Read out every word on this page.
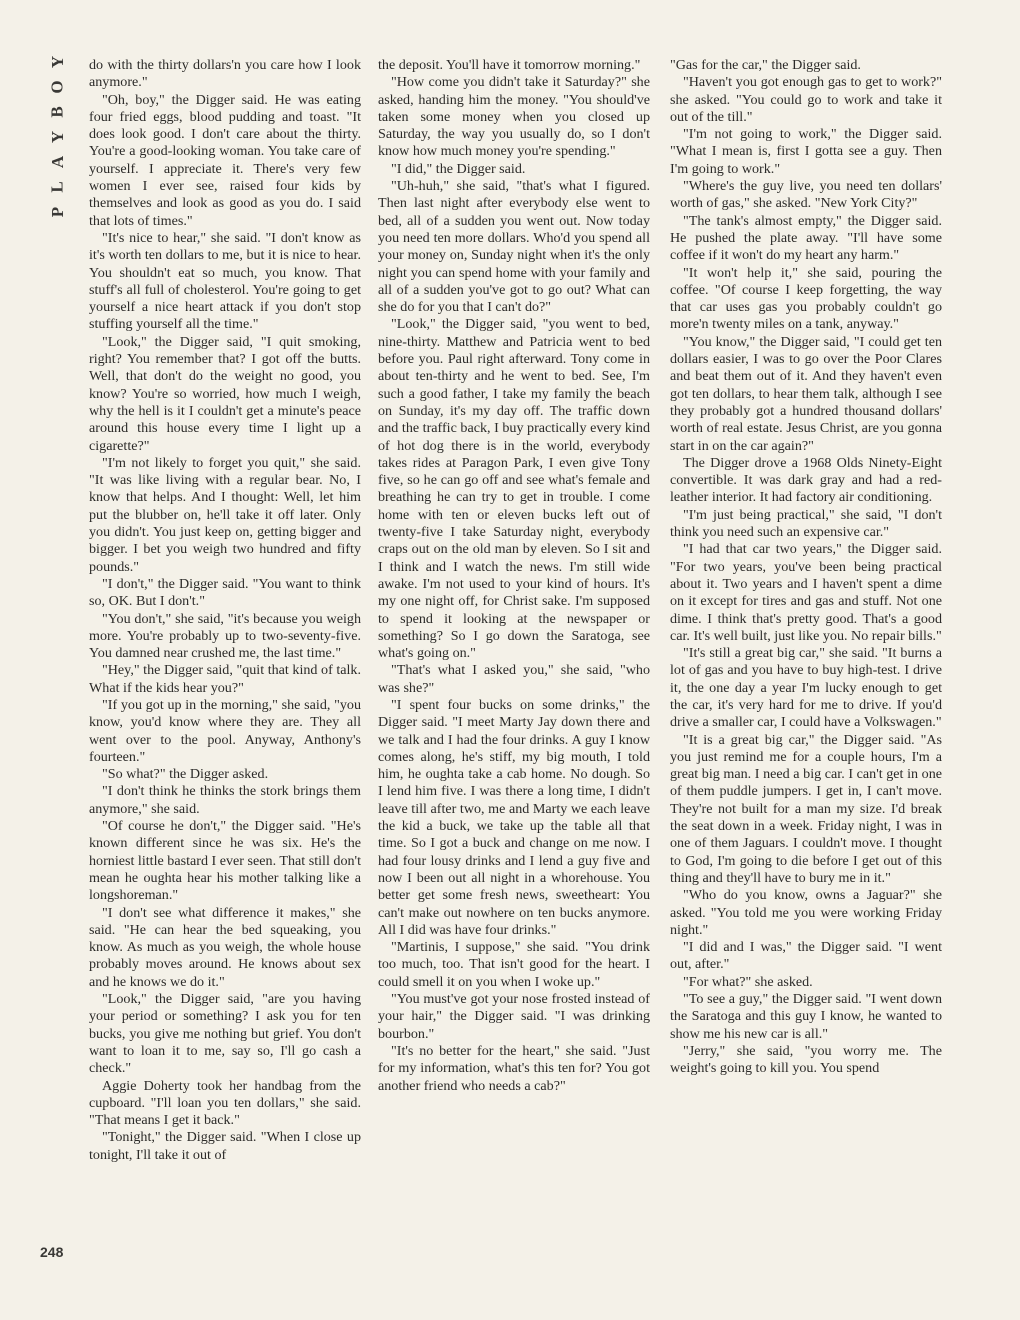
Y
O
B
Y
A
L
P

do with the thirty dollars'n you care how I look anymore."

"Oh, boy," the Digger said. He was eating four fried eggs, blood pudding and toast. "It does look good. I don't care about the thirty. You're a good-looking woman. You take care of yourself. I appreciate it. There's very few women I ever see, raised four kids by themselves and look as good as you do. I said that lots of times."

"It's nice to hear," she said. "I don't know as it's worth ten dollars to me, but it is nice to hear. You shouldn't eat so much, you know. That stuff's all full of cholesterol. You're going to get yourself a nice heart attack if you don't stop stuffing yourself all the time."

"Look," the Digger said, "I quit smoking, right? You remember that? I got off the butts. Well, that don't do the weight no good, you know? You're so worried, how much I weigh, why the hell is it I couldn't get a minute's peace around this house every time I light up a cigarette?"

"I'm not likely to forget you quit," she said. "It was like living with a regular bear. No, I know that helps. And I thought: Well, let him put the blubber on, he'll take it off later. Only you didn't. You just keep on, getting bigger and bigger. I bet you weigh two hundred and fifty pounds."

"I don't," the Digger said. "You want to think so, OK. But I don't."

"You don't," she said, "it's because you weigh more. You're probably up to two-seventy-five. You damned near crushed me, the last time."

"Hey," the Digger said, "quit that kind of talk. What if the kids hear you?"

"If you got up in the morning," she said, "you know, you'd know where they are. They all went over to the pool. Anyway, Anthony's fourteen."

"So what?" the Digger asked.

"I don't think he thinks the stork brings them anymore," she said.

"Of course he don't," the Digger said. "He's known different since he was six. He's the horniest little bastard I ever seen. That still don't mean he oughta hear his mother talking like a longshoreman."

"I don't see what difference it makes," she said. "He can hear the bed squeaking, you know. As much as you weigh, the whole house probably moves around. He knows about sex and he knows we do it."

"Look," the Digger said, "are you having your period or something? I ask you for ten bucks, you give me nothing but grief. You don't want to loan it to me, say so, I'll go cash a check."

Aggie Doherty took her handbag from the cupboard. "I'll loan you ten dollars," she said. "That means I get it back."

"Tonight," the Digger said. "When I close up tonight, I'll take it out of

the deposit. You'll have it tomorrow morning."

"How come you didn't take it Saturday?" she asked, handing him the money. "You should've taken some money when you closed up Saturday, the way you usually do, so I don't know how much money you're spending."

"I did," the Digger said.

"Uh-huh," she said, "that's what I figured. Then last night after everybody else went to bed, all of a sudden you went out. Now today you need ten more dollars. Who'd you spend all your money on, Sunday night when it's the only night you can spend home with your family and all of a sudden you've got to go out? What can she do for you that I can't do?"

"Look," the Digger said, "you went to bed, nine-thirty. Matthew and Patricia went to bed before you. Paul right afterward. Tony come in about ten-thirty and he went to bed. See, I'm such a good father, I take my family the beach on Sunday, it's my day off. The traffic down and the traffic back, I buy practically every kind of hot dog there is in the world, everybody takes rides at Paragon Park, I even give Tony five, so he can go off and see what's female and breathing he can try to get in trouble. I come home with ten or eleven bucks left out of twenty-five I take Saturday night, everybody craps out on the old man by eleven. So I sit and I think and I watch the news. I'm still wide awake. I'm not used to your kind of hours. It's my one night off, for Christ sake. I'm supposed to spend it looking at the newspaper or something? So I go down the Saratoga, see what's going on."

"That's what I asked you," she said, "who was she?"

"I spent four bucks on some drinks," the Digger said. "I meet Marty Jay down there and we talk and I had the four drinks. A guy I know comes along, he's stiff, my big mouth, I told him, he oughta take a cab home. No dough. So I lend him five. I was there a long time, I didn't leave till after two, me and Marty we each leave the kid a buck, we take up the table all that time. So I got a buck and change on me now. I had four lousy drinks and I lend a guy five and now I been out all night in a whorehouse. You better get some fresh news, sweetheart: You can't make out nowhere on ten bucks anymore. All I did was have four drinks."

"Martinis, I suppose," she said. "You drink too much, too. That isn't good for the heart. I could smell it on you when I woke up."

"You must've got your nose frosted instead of your hair," the Digger said. "I was drinking bourbon."

"It's no better for the heart," she said. "Just for my information, what's this ten for? You got another friend who needs a cab?"

"Gas for the car," the Digger said.

"Haven't you got enough gas to get to work?" she asked. "You could go to work and take it out of the till."

"I'm not going to work," the Digger said. "What I mean is, first I gotta see a guy. Then I'm going to work."

"Where's the guy live, you need ten dollars' worth of gas," she asked. "New York City?"

"The tank's almost empty," the Digger said. He pushed the plate away. "I'll have some coffee if it won't do my heart any harm."

"It won't help it," she said, pouring the coffee. "Of course I keep forgetting, the way that car uses gas you probably couldn't go more'n twenty miles on a tank, anyway."

"You know," the Digger said, "I could get ten dollars easier, I was to go over the Poor Clares and beat them out of it. And they haven't even got ten dollars, to hear them talk, although I see they probably got a hundred thousand dollars' worth of real estate. Jesus Christ, are you gonna start in on the car again?"

The Digger drove a 1968 Olds Ninety-Eight convertible. It was dark gray and had a red-leather interior. It had factory air conditioning.

"I'm just being practical," she said, "I don't think you need such an expensive car."

"I had that car two years," the Digger said. "For two years, you've been being practical about it. Two years and I haven't spent a dime on it except for tires and gas and stuff. Not one dime. I think that's pretty good. That's a good car. It's well built, just like you. No repair bills."

"It's still a great big car," she said. "It burns a lot of gas and you have to buy high-test. I drive it, the one day a year I'm lucky enough to get the car, it's very hard for me to drive. If you'd drive a smaller car, I could have a Volkswagen."

"It is a great big car," the Digger said. "As you just remind me for a couple hours, I'm a great big man. I need a big car. I can't get in one of them puddle jumpers. I get in, I can't move. They're not built for a man my size. I'd break the seat down in a week. Friday night, I was in one of them Jaguars. I couldn't move. I thought to God, I'm going to die before I get out of this thing and they'll have to bury me in it."

"Who do you know, owns a Jaguar?" she asked. "You told me you were working Friday night."

"I did and I was," the Digger said. "I went out, after."

"For what?" she asked.

"To see a guy," the Digger said. "I went down the Saratoga and this guy I know, he wanted to show me his new car is all."

"Jerry," she said, "you worry me. The weight's going to kill you. You spend

248
